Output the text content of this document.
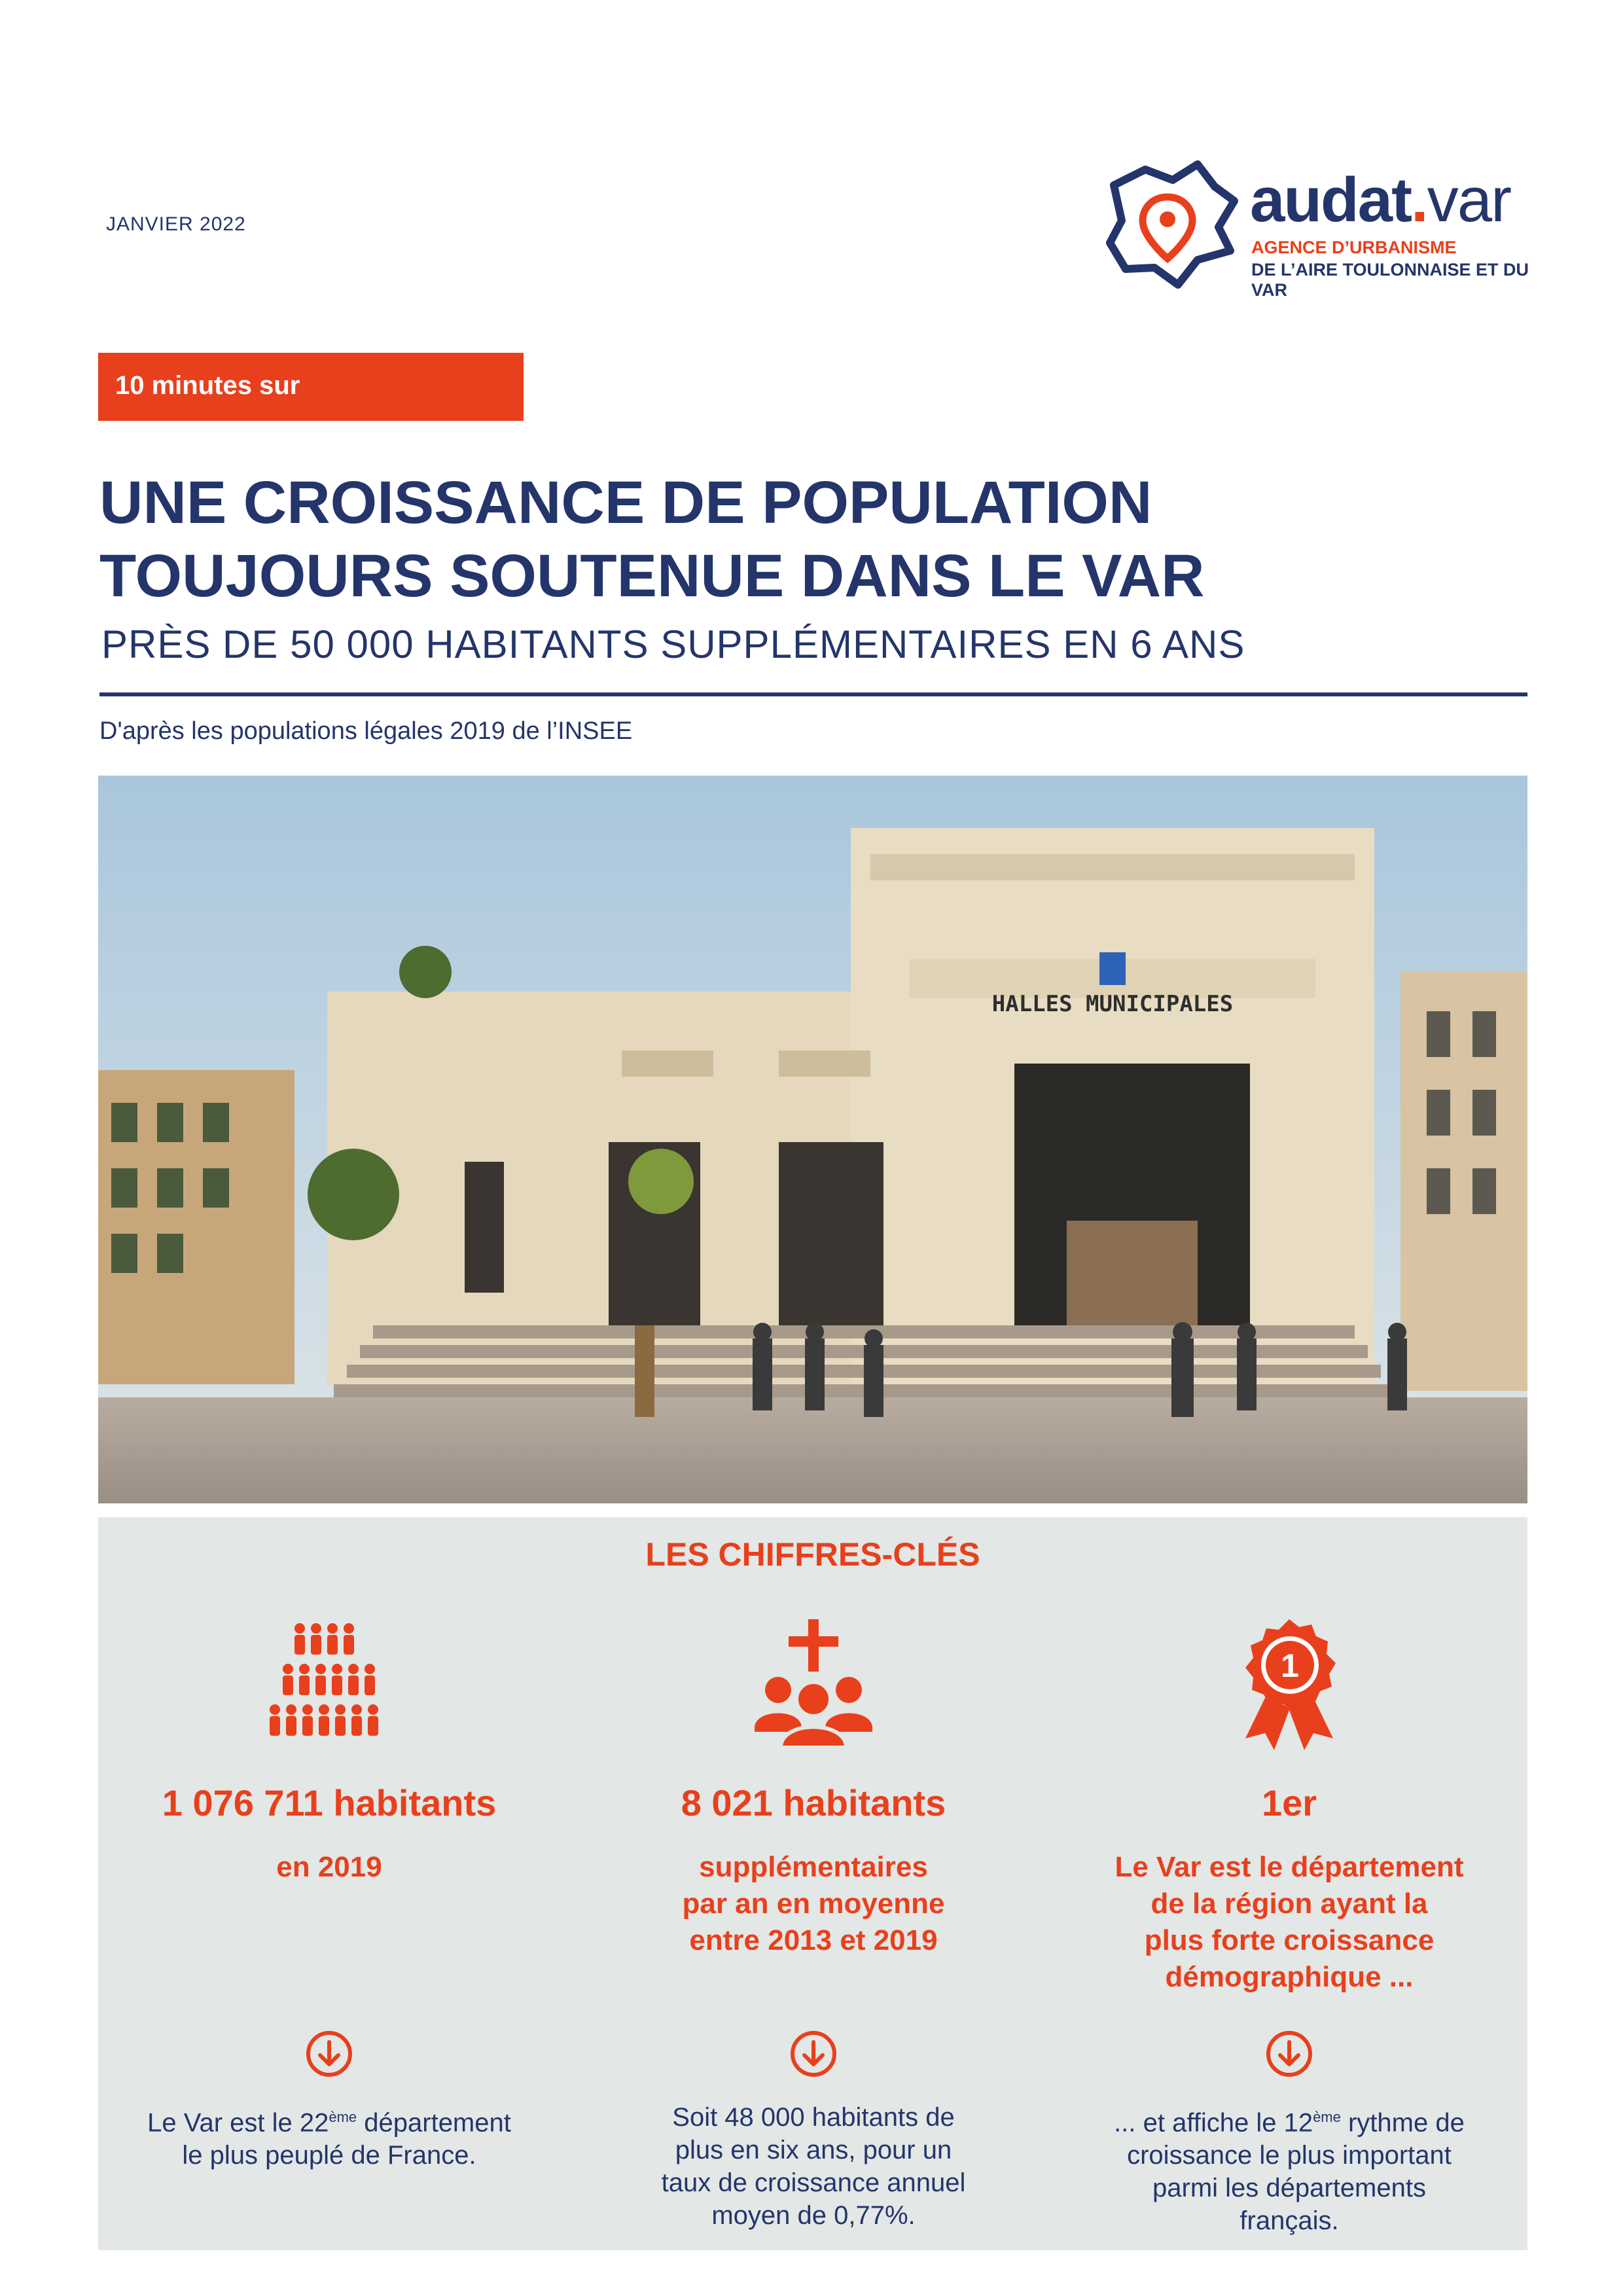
JANVIER 2022	audat.var
AGENCE D’URBANISME
DE L’AIRE TOULONNAISE ET DU VAR
10 minutes sur
UNE CROISSANCE DE POPULATION
TOUJOURS SOUTENUE DANS LE VAR
PRÈS DE 50 000 HABITANTS SUPPLÉMENTAIRES EN 6 ANS
D'après les populations légales 2019 de l’INSEE
HALLES MUNICIPALES
LES CHIFFRES-CLÉS
1 076 711 habitants
en 2019
Le Var est le 22ème département
le plus peuplé de France.
8 021 habitants
supplémentaires
par an en moyenne
entre 2013 et 2019
Soit 48 000 habitants de
plus en six ans, pour un
taux de croissance annuel
moyen de 0,77%.
1
1er
Le Var est le département
de la région ayant la
plus forte croissance
démographique ...
... et affiche le 12ème rythme de
croissance le plus important
parmi les départements
français.
